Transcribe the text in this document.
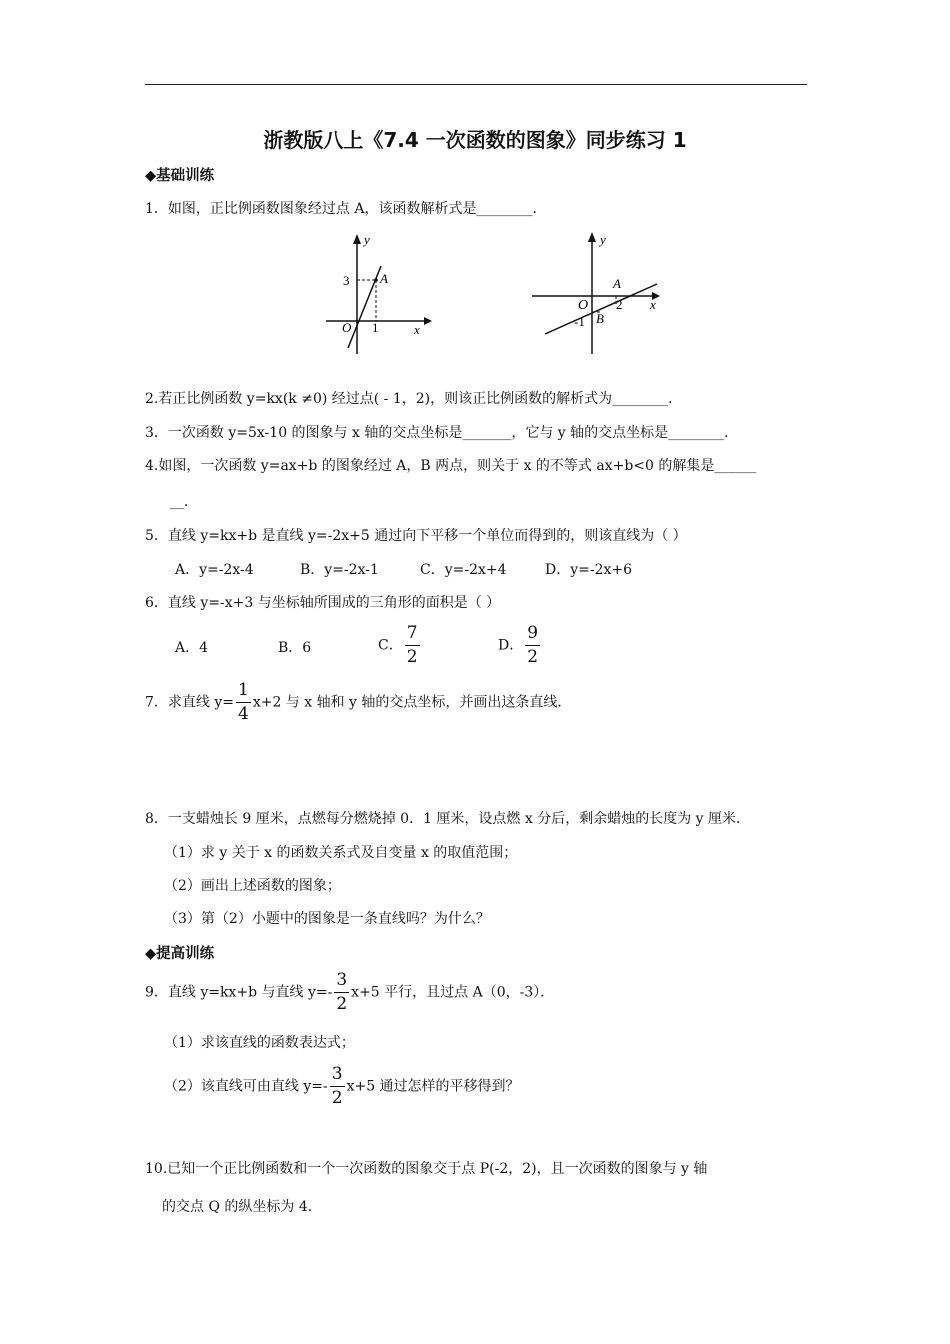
浙教版八上《7.4 一次函数的图象》同步练习 1
◆基础训练
1．如图，正比例函数图象经过点 A，该函数解析式是________．
y
x
O
3
1
A
y
x
O 2
-1
A
B
2.若正比例函数 y=kx(k ≠0) 经过点( - 1，2)，则该正比例函数的解析式为________．
3．一次函数 y=5x-10 的图象与 x 轴的交点坐标是_______，它与 y 轴的交点坐标是________．
4.如图，一次函数 y=ax+b 的图象经过 A，B 两点，则关于 x 的不等式 ax+b<0 的解集是______
__．
5．直线 y=kx+b 是直线 y=-2x+5 通过向下平移一个单位而得到的，则该直线为（ ）
A．y=-2x-4	B．y=-2x-1	C．y=-2x+4	D．y=-2x+6
6．直线 y=-x+3 与坐标轴所围成的三角形的面积是（ ）
A．4	B．6	C． $\frac{7}{2}$	D． $\frac{9}{2}$
7．求直线 $y= \frac{1}{4} x+2$ 与 x 轴和 y 轴的交点坐标，并画出这条直线．
8．一支蜡烛长 9 厘米，点燃每分燃烧掉 0．1 厘米，设点燃 x 分后，剩余蜡烛的长度为 y 厘米．
（1）求 y 关于 x 的函数关系式及自变量 x 的取值范围；
（2）画出上述函数的图象；
（3）第（2）小题中的图象是一条直线吗？为什么？
◆提高训练
9．直线 y=kx+b 与直线 $y=- \frac{3}{2} x+5$ 平行，且过点 A（0，-3）．
（1）求该直线的函数表达式；
（2）该直线可由直线 $y=- \frac{3}{2} x+5$ 通过怎样的平移得到？
10.已知一个正比例函数和一个一次函数的图象交于点 P(-2，2)，且一次函数的图象与 y 轴
的交点 Q 的纵坐标为 4.
